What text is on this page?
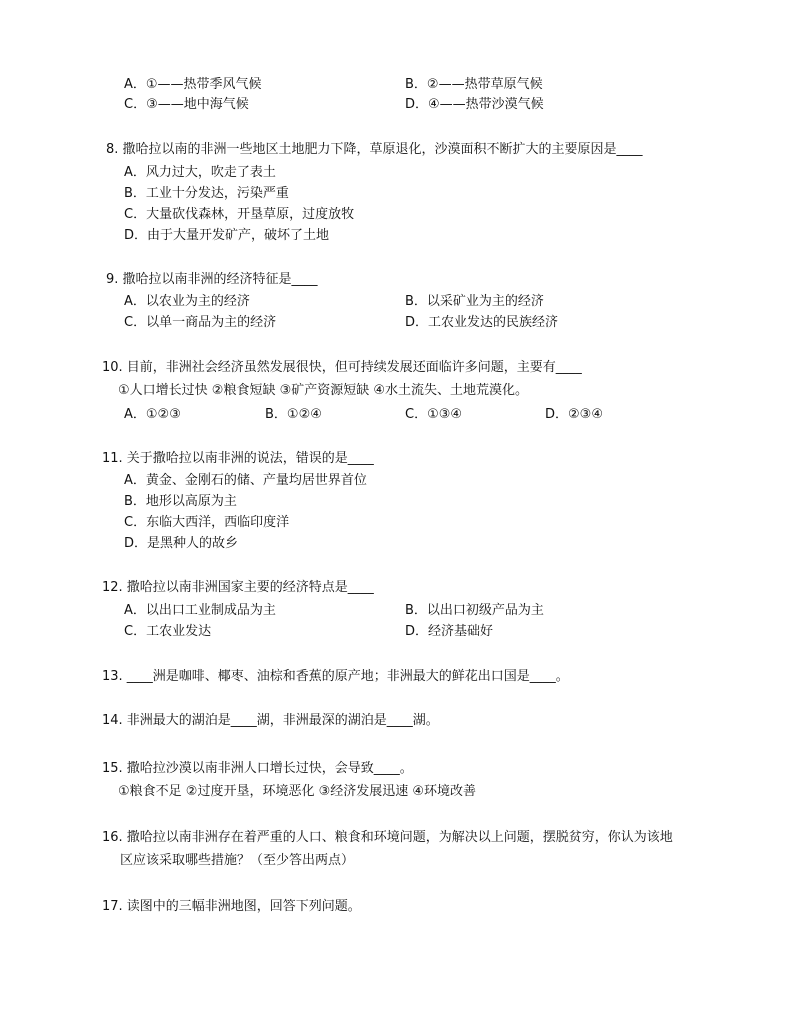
A．①——热带季风气候	B．②——热带草原气候
C．③——地中海气候	D．④——热带沙漠气候
8. 撒哈拉以南的非洲一些地区土地肥力下降，草原退化，沙漠面积不断扩大的主要原因是____
A．风力过大，吹走了表土
B．工业十分发达，污染严重
C．大量砍伐森林，开垦草原，过度放牧
D．由于大量开发矿产，破坏了土地
9. 撒哈拉以南非洲的经济特征是____
A．以农业为主的经济	B．以采矿业为主的经济
C．以单一商品为主的经济	D．工农业发达的民族经济
10. 目前，非洲社会经济虽然发展很快，但可持续发展还面临许多问题，主要有____
①人口增长过快 ②粮食短缺 ③矿产资源短缺 ④水土流失、土地荒漠化。
A．①②③	B．①②④	C．①③④	D．②③④
11. 关于撒哈拉以南非洲的说法，错误的是____
A．黄金、金刚石的储、产量均居世界首位
B．地形以高原为主
C．东临大西洋，西临印度洋
D．是黑种人的故乡
12. 撒哈拉以南非洲国家主要的经济特点是____
A．以出口工业制成品为主	B．以出口初级产品为主
C．工农业发达	D．经济基础好
13. ____洲是咖啡、椰枣、油棕和香蕉的原产地；非洲最大的鲜花出口国是____。
14. 非洲最大的湖泊是____湖，非洲最深的湖泊是____湖。
15. 撒哈拉沙漠以南非洲人口增长过快，会导致____。
①粮食不足 ②过度开垦，环境恶化 ③经济发展迅速 ④环境改善
16. 撒哈拉以南非洲存在着严重的人口、粮食和环境问题，为解决以上问题，摆脱贫穷，你认为该地
区应该采取哪些措施？（至少答出两点）
17. 读图中的三幅非洲地图，回答下列问题。
